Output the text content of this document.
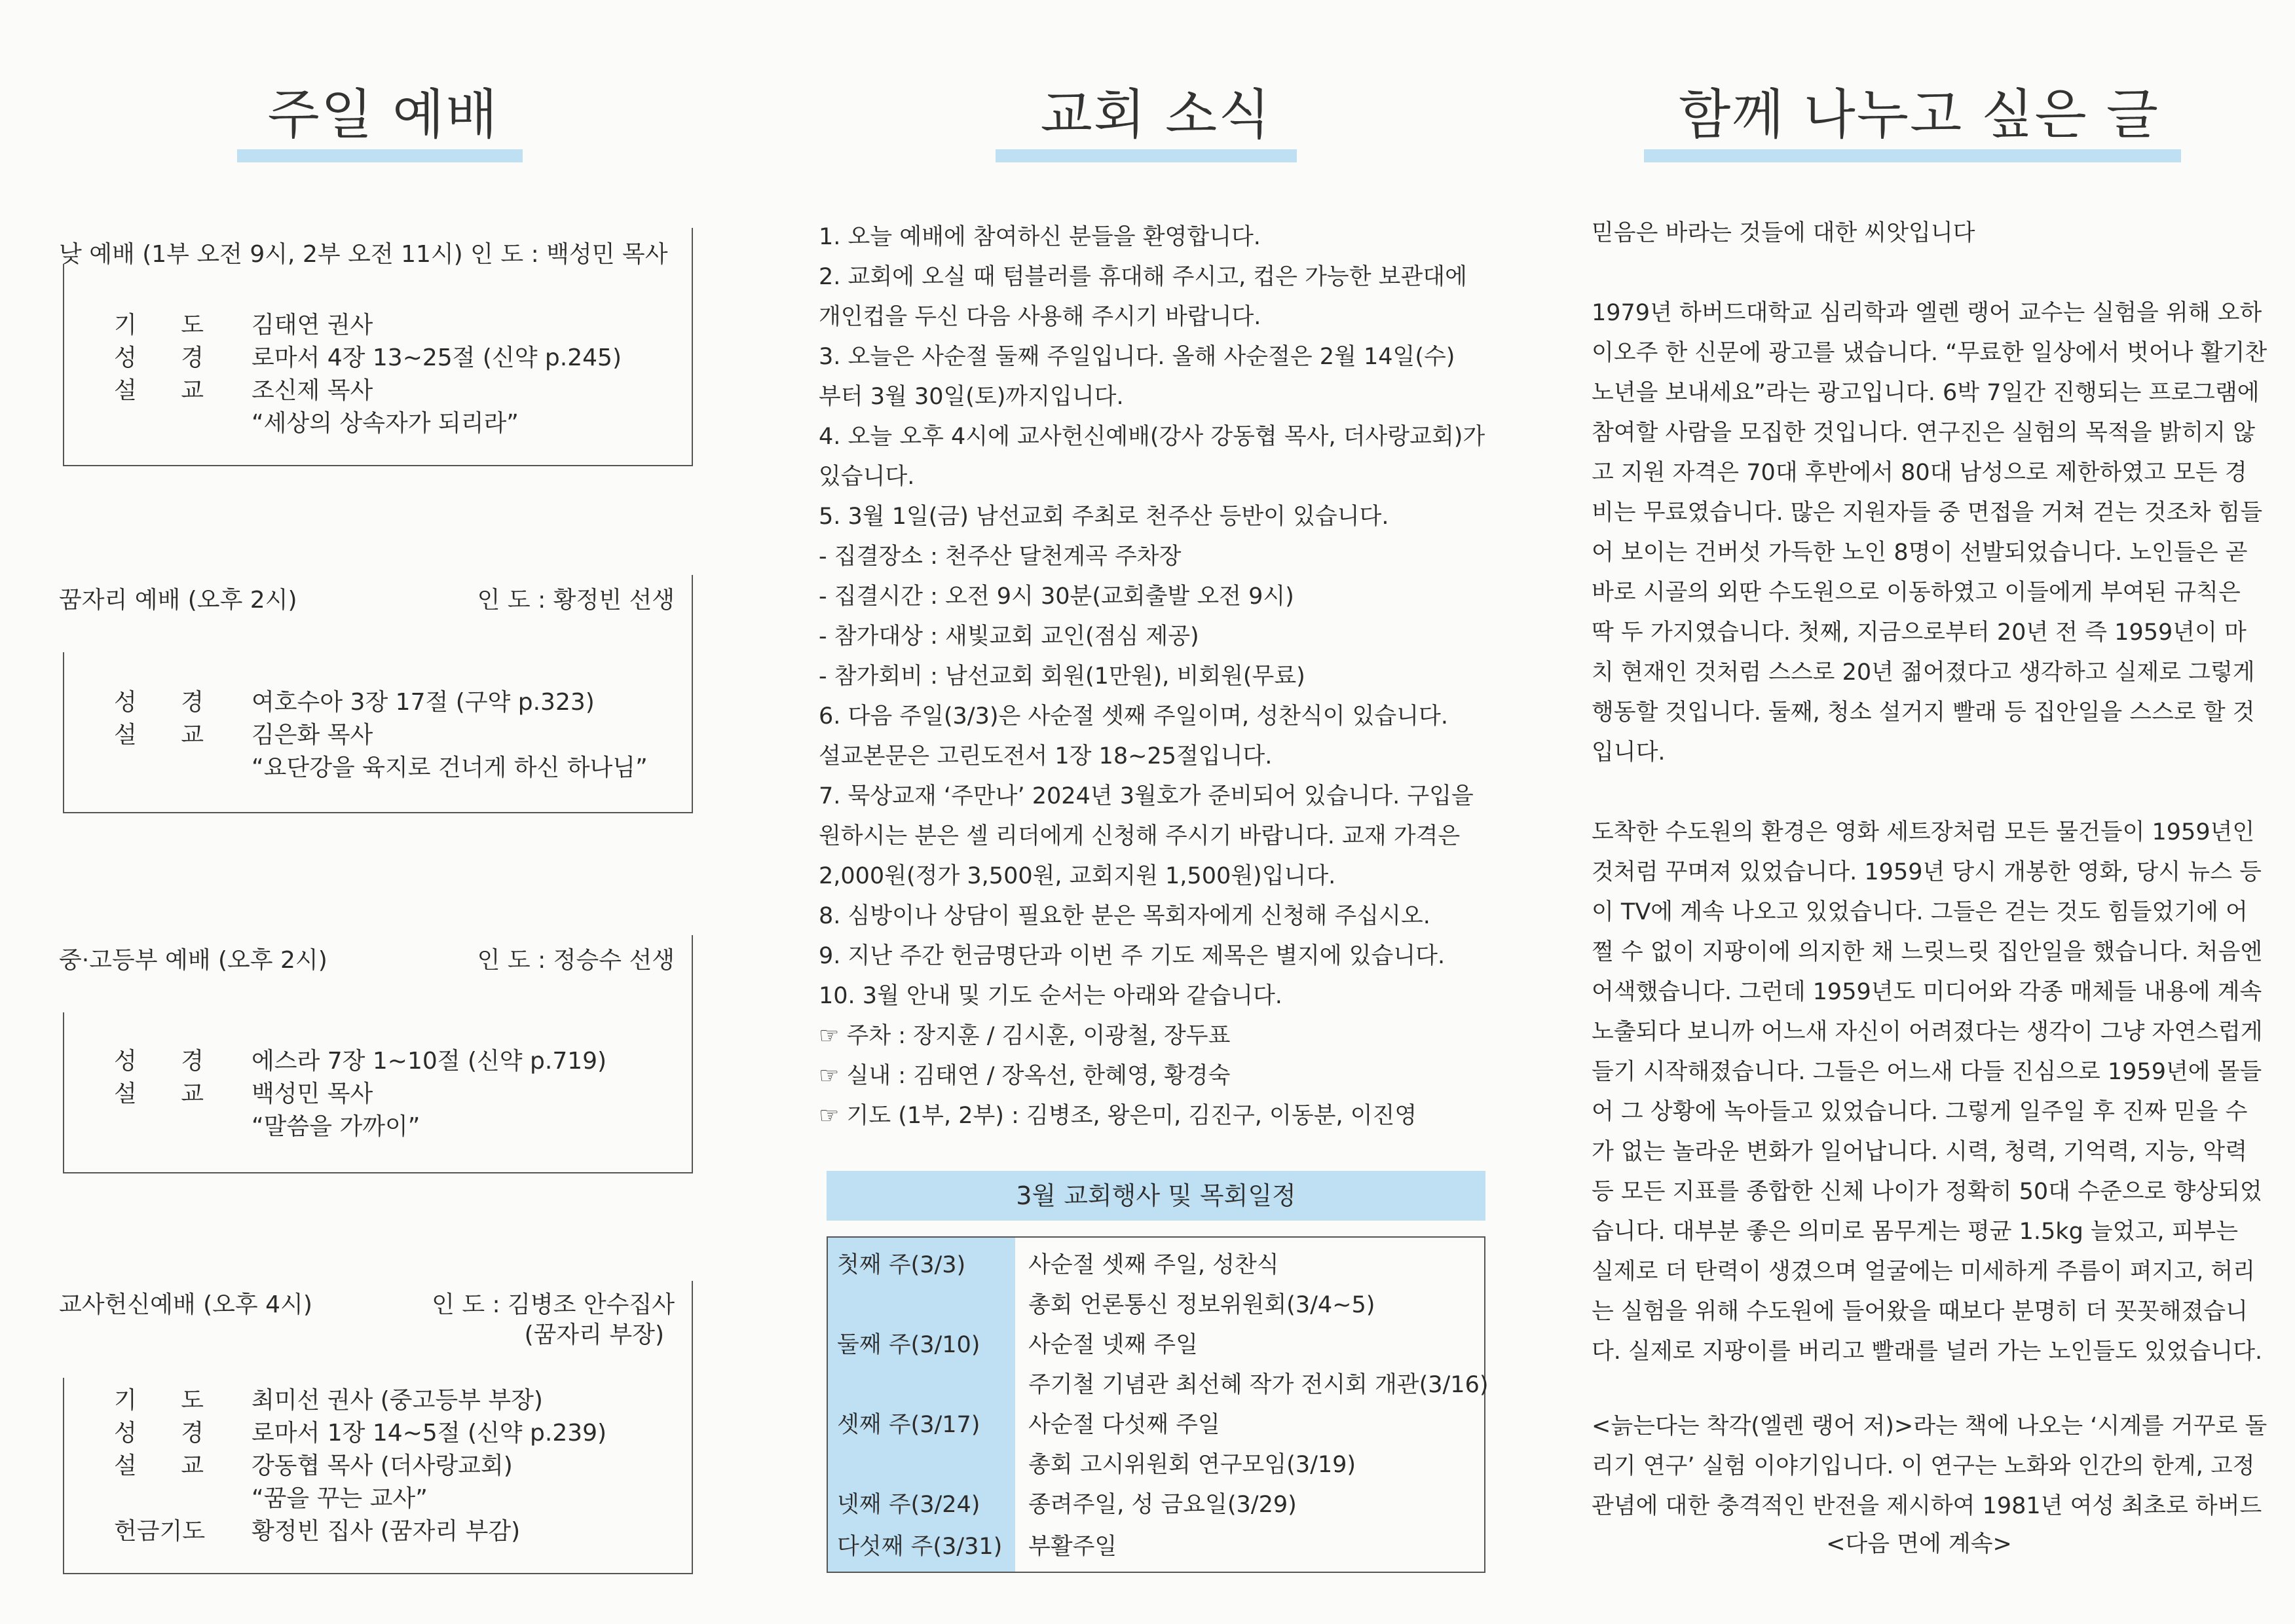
주일 예배
낮 예배 (1부 오전 9시, 2부 오전 11시) 인 도 : 백성민 목사
기 도 김태연 권사
성 경 로마서 4장 13~25절 (신약 p.245)
설 교 조신제 목사
“세상의 상속자가 되리라”
꿈자리 예배 (오후 2시)	인 도 : 황정빈 선생
성 경 여호수아 3장 17절 (구약 p.323)
설 교 김은화 목사
“요단강을 육지로 건너게 하신 하나님”
중·고등부 예배 (오후 2시)	인 도 : 정승수 선생
성 경 에스라 7장 1~10절 (신약 p.719)
설 교 백성민 목사
“말씀을 가까이”
교사헌신예배 (오후 4시)	인 도 : 김병조 안수집사
(꿈자리 부장)
기 도 최미선 권사 (중고등부 부장)
성 경 로마서 1장 14~5절 (신약 p.239)
설 교 강동협 목사 (더사랑교회)
“꿈을 꾸는 교사”
헌금기도 황정빈 집사 (꿈자리 부감)
교회 소식
1. 오늘 예배에 참여하신 분들을 환영합니다.
2. 교회에 오실 때 텀블러를 휴대해 주시고, 컵은 가능한 보관대에
개인컵을 두신 다음 사용해 주시기 바랍니다.
3. 오늘은 사순절 둘째 주일입니다. 올해 사순절은 2월 14일(수)
부터 3월 30일(토)까지입니다.
4. 오늘 오후 4시에 교사헌신예배(강사 강동협 목사, 더사랑교회)가
있습니다.
5. 3월 1일(금) 남선교회 주최로 천주산 등반이 있습니다.
- 집결장소 : 천주산 달천계곡 주차장
- 집결시간 : 오전 9시 30분(교회출발 오전 9시)
- 참가대상 : 새빛교회 교인(점심 제공)
- 참가회비 : 남선교회 회원(1만원), 비회원(무료)
6. 다음 주일(3/3)은 사순절 셋째 주일이며, 성찬식이 있습니다.
설교본문은 고린도전서 1장 18~25절입니다.
7. 묵상교재 ‘주만나’ 2024년 3월호가 준비되어 있습니다. 구입을
원하시는 분은 셀 리더에게 신청해 주시기 바랍니다. 교재 가격은
2,000원(정가 3,500원, 교회지원 1,500원)입니다.
8. 심방이나 상담이 필요한 분은 목회자에게 신청해 주십시오.
9. 지난 주간 헌금명단과 이번 주 기도 제목은 별지에 있습니다.
10. 3월 안내 및 기도 순서는 아래와 같습니다.
☞ 주차 : 장지훈 / 김시훈, 이광철, 장두표
☞ 실내 : 김태연 / 장옥선, 한혜영, 황경숙
☞ 기도 (1부, 2부) : 김병조, 왕은미, 김진구, 이동분, 이진영
3월 교회행사 및 목회일정
첫째 주(3/3)	사순절 셋째 주일, 성찬식
총회 언론통신 정보위원회(3/4~5)
둘째 주(3/10) 사순절 넷째 주일
주기철 기념관 최선혜 작가 전시회 개관(3/16)
셋째 주(3/17) 사순절 다섯째 주일
총회 고시위원회 연구모임(3/19)
넷째 주(3/24) 종려주일, 성 금요일(3/29)
다섯째 주(3/31) 부활주일
함께 나누고 싶은 글
믿음은 바라는 것들에 대한 씨앗입니다
1979년 하버드대학교 심리학과 엘렌 랭어 교수는 실험을 위해 오하
이오주 한 신문에 광고를 냈습니다. “무료한 일상에서 벗어나 활기찬
노년을 보내세요”라는 광고입니다. 6박 7일간 진행되는 프로그램에
참여할 사람을 모집한 것입니다. 연구진은 실험의 목적을 밝히지 않
고 지원 자격은 70대 후반에서 80대 남성으로 제한하였고 모든 경
비는 무료였습니다. 많은 지원자들 중 면접을 거쳐 걷는 것조차 힘들
어 보이는 건버섯 가득한 노인 8명이 선발되었습니다. 노인들은 곧
바로 시골의 외딴 수도원으로 이동하였고 이들에게 부여된 규칙은
딱 두 가지였습니다. 첫째, 지금으로부터 20년 전 즉 1959년이 마
치 현재인 것처럼 스스로 20년 젊어졌다고 생각하고 실제로 그렇게
행동할 것입니다. 둘째, 청소 설거지 빨래 등 집안일을 스스로 할 것
입니다.
도착한 수도원의 환경은 영화 세트장처럼 모든 물건들이 1959년인
것처럼 꾸며져 있었습니다. 1959년 당시 개봉한 영화, 당시 뉴스 등
이 TV에 계속 나오고 있었습니다. 그들은 걷는 것도 힘들었기에 어
쩔 수 없이 지팡이에 의지한 채 느릿느릿 집안일을 했습니다. 처음엔
어색했습니다. 그런데 1959년도 미디어와 각종 매체들 내용에 계속
노출되다 보니까 어느새 자신이 어려졌다는 생각이 그냥 자연스럽게
들기 시작해졌습니다. 그들은 어느새 다들 진심으로 1959년에 몰들
어 그 상황에 녹아들고 있었습니다. 그렇게 일주일 후 진짜 믿을 수
가 없는 놀라운 변화가 일어납니다. 시력, 청력, 기억력, 지능, 악력
등 모든 지표를 종합한 신체 나이가 정확히 50대 수준으로 향상되었
습니다. 대부분 좋은 의미로 몸무게는 평균 1.5kg 늘었고, 피부는
실제로 더 탄력이 생겼으며 얼굴에는 미세하게 주름이 펴지고, 허리
는 실험을 위해 수도원에 들어왔을 때보다 분명히 더 꼿꼿해졌습니
다. 실제로 지팡이를 버리고 빨래를 널러 가는 노인들도 있었습니다.
<늙는다는 착각(엘렌 랭어 저)>라는 책에 나오는 ‘시계를 거꾸로 돌
리기 연구’ 실험 이야기입니다. 이 연구는 노화와 인간의 한계, 고정
관념에 대한 충격적인 반전을 제시하여 1981년 여성 최초로 하버드
<다음 면에 계속>
